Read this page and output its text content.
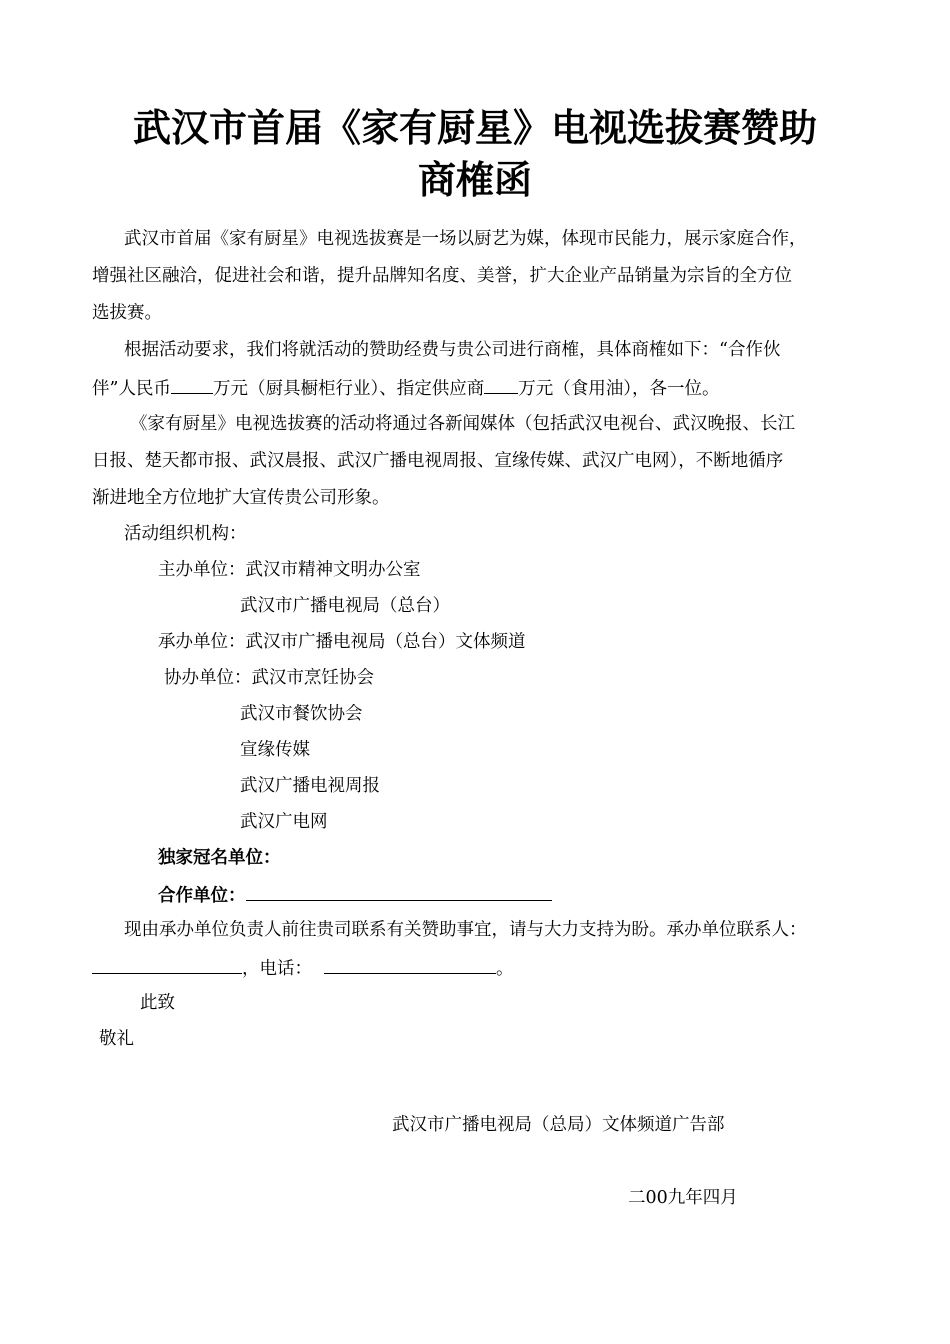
武汉市首届《家有厨星》电视选拔赛赞助
商榷函
武汉市首届《家有厨星》电视选拔赛是一场以厨艺为媒，体现市民能力，展示家庭合作，
增强社区融洽，促进社会和谐，提升品牌知名度、美誉，扩大企业产品销量为宗旨的全方位
选拔赛。
根据活动要求，我们将就活动的赞助经费与贵公司进行商榷，具体商榷如下：“合作伙
伴”人民币 万元（厨具橱柜行业）、指定供应商 万元（食用油），各一位。
《家有厨星》电视选拔赛的活动将通过各新闻媒体（包括武汉电视台、武汉晚报、长江
日报、楚天都市报、武汉晨报、武汉广播电视周报、宣缘传媒、武汉广电网），不断地循序
渐进地全方位地扩大宣传贵公司形象。
活动组织机构：
主办单位：武汉市精神文明办公室
武汉市广播电视局（总台）
承办单位：武汉市广播电视局（总台）文体频道
协办单位：武汉市烹饪协会
武汉市餐饮协会
宣缘传媒
武汉广播电视周报
武汉广电网
独家冠名单位：
合作单位：
现由承办单位负责人前往贵司联系有关赞助事宜，请与大力支持为盼。承办单位联系人：
，电话：	。
此致
敬礼
武汉市广播电视局（总局）文体频道广告部
二00九年四月
